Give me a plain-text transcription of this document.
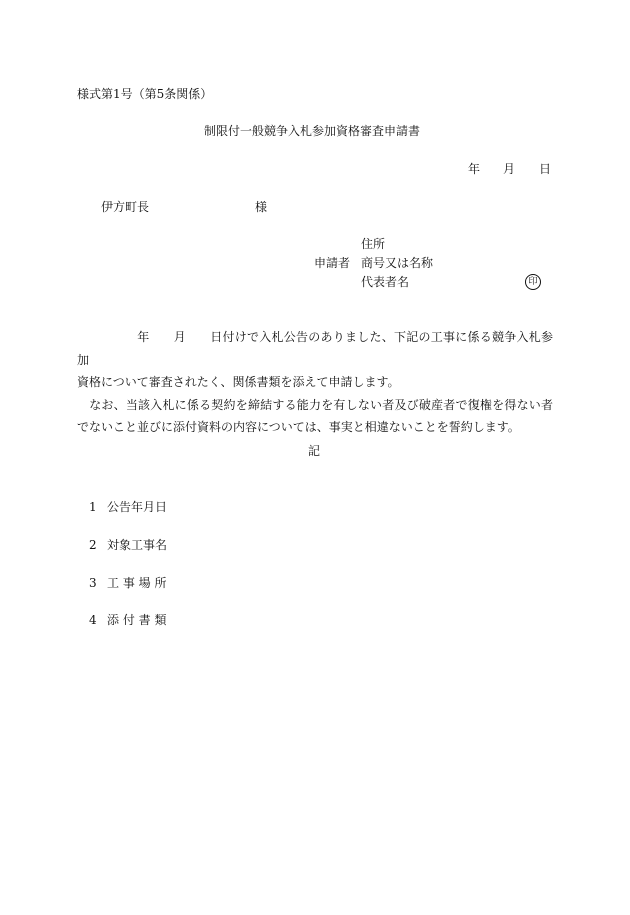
様式第1号（第5条関係）
制限付一般競争入札参加資格審査申請書
年 月 日
伊方町長	様
住所
申請者 商号又は名称
代表者名	印

年 月 日付けで入札公告のありました、下記の工事に係る競争入札参加

資格について審査されたく、関係書類を添えて申請します。

　なお、当該入札に係る契約を締結する能力を有しない者及び破産者で復権を得ない者でないこと並びに添付資料の内容については、事実と相違ないことを誓約します。

記
1 公告年月日
2 対象工事名
3 工 事 場 所
4 添 付 書 類
